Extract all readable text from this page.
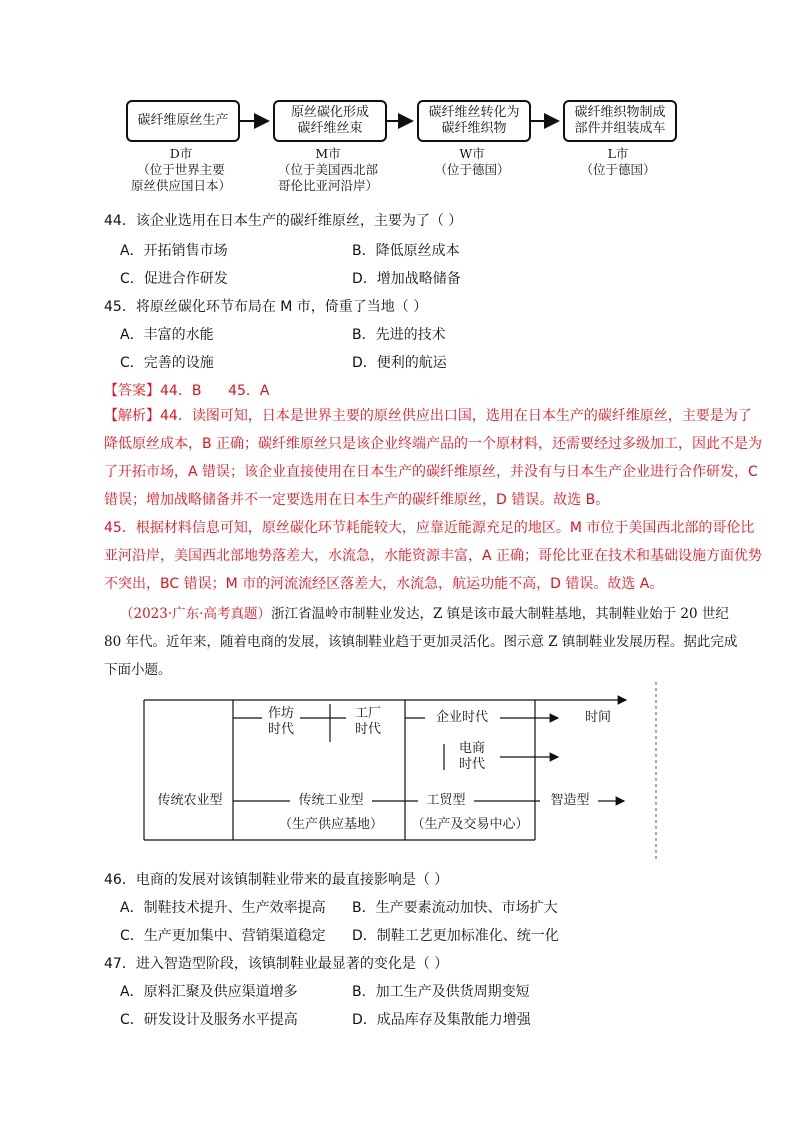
碳纤维原丝生产
原丝碳化形成
碳纤维丝束
碳纤维丝转化为
碳纤维织物
碳纤维织物制成
部件并组装成车
D市
（位于世界主要
原丝供应国日本）
M市
（位于美国西北部
哥伦比亚河沿岸）
W市
（位于德国）
L市
（位于德国）
44．该企业选用在日本生产的碳纤维原丝，主要为了（ ）
A．开拓销售市场	B．降低原丝成本
C．促进合作研发	D．增加战略储备
45．将原丝碳化环节布局在 M 市，倚重了当地（ ）
A．丰富的水能	B．先进的技术
C．完善的设施	D．便利的航运
【答案】44．B      45．A
【解析】44．读图可知，日本是世界主要的原丝供应出口国，选用在日本生产的碳纤维原丝，主要是为了
降低原丝成本，B 正确；碳纤维原丝只是该企业终端产品的一个原材料，还需要经过多级加工，因此不是为
了开拓市场，A 错误；该企业直接使用在日本生产的碳纤维原丝，并没有与日本生产企业进行合作研发，C
错误；增加战略储备并不一定要选用在日本生产的碳纤维原丝，D 错误。故选 B。
45．根据材料信息可知，原丝碳化环节耗能较大，应靠近能源充足的地区。M 市位于美国西北部的哥伦比
亚河沿岸，美国西北部地势落差大，水流急，水能资源丰富，A 正确；哥伦比亚在技术和基础设施方面优势
不突出，BC 错误；M 市的河流流经区落差大，水流急，航运功能不高，D 错误。故选 A。
（2023·广东·高考真题）浙江省温岭市制鞋业发达，Z 镇是该市最大制鞋基地，其制鞋业始于 20 世纪
80 年代。近年来，随着电商的发展，该镇制鞋业趋于更加灵活化。图示意 Z 镇制鞋业发展历程。据此完成
下面小题。
作坊
时代
工厂
时代
企业时代	时间
电商
时代
传统农业型	传统工业型
（生产供应基地）
工贸型
（生产及交易中心）
智造型
46．电商的发展对该镇制鞋业带来的最直接影响是（ ）
A．制鞋技术提升、生产效率提高 B．生产要素流动加快、市场扩大
C．生产更加集中、营销渠道稳定 D．制鞋工艺更加标准化、统一化
47．进入智造型阶段，该镇制鞋业最显著的变化是（ ）
A．原料汇聚及供应渠道增多	B．加工生产及供货周期变短
C．研发设计及服务水平提高	D．成品库存及集散能力增强
